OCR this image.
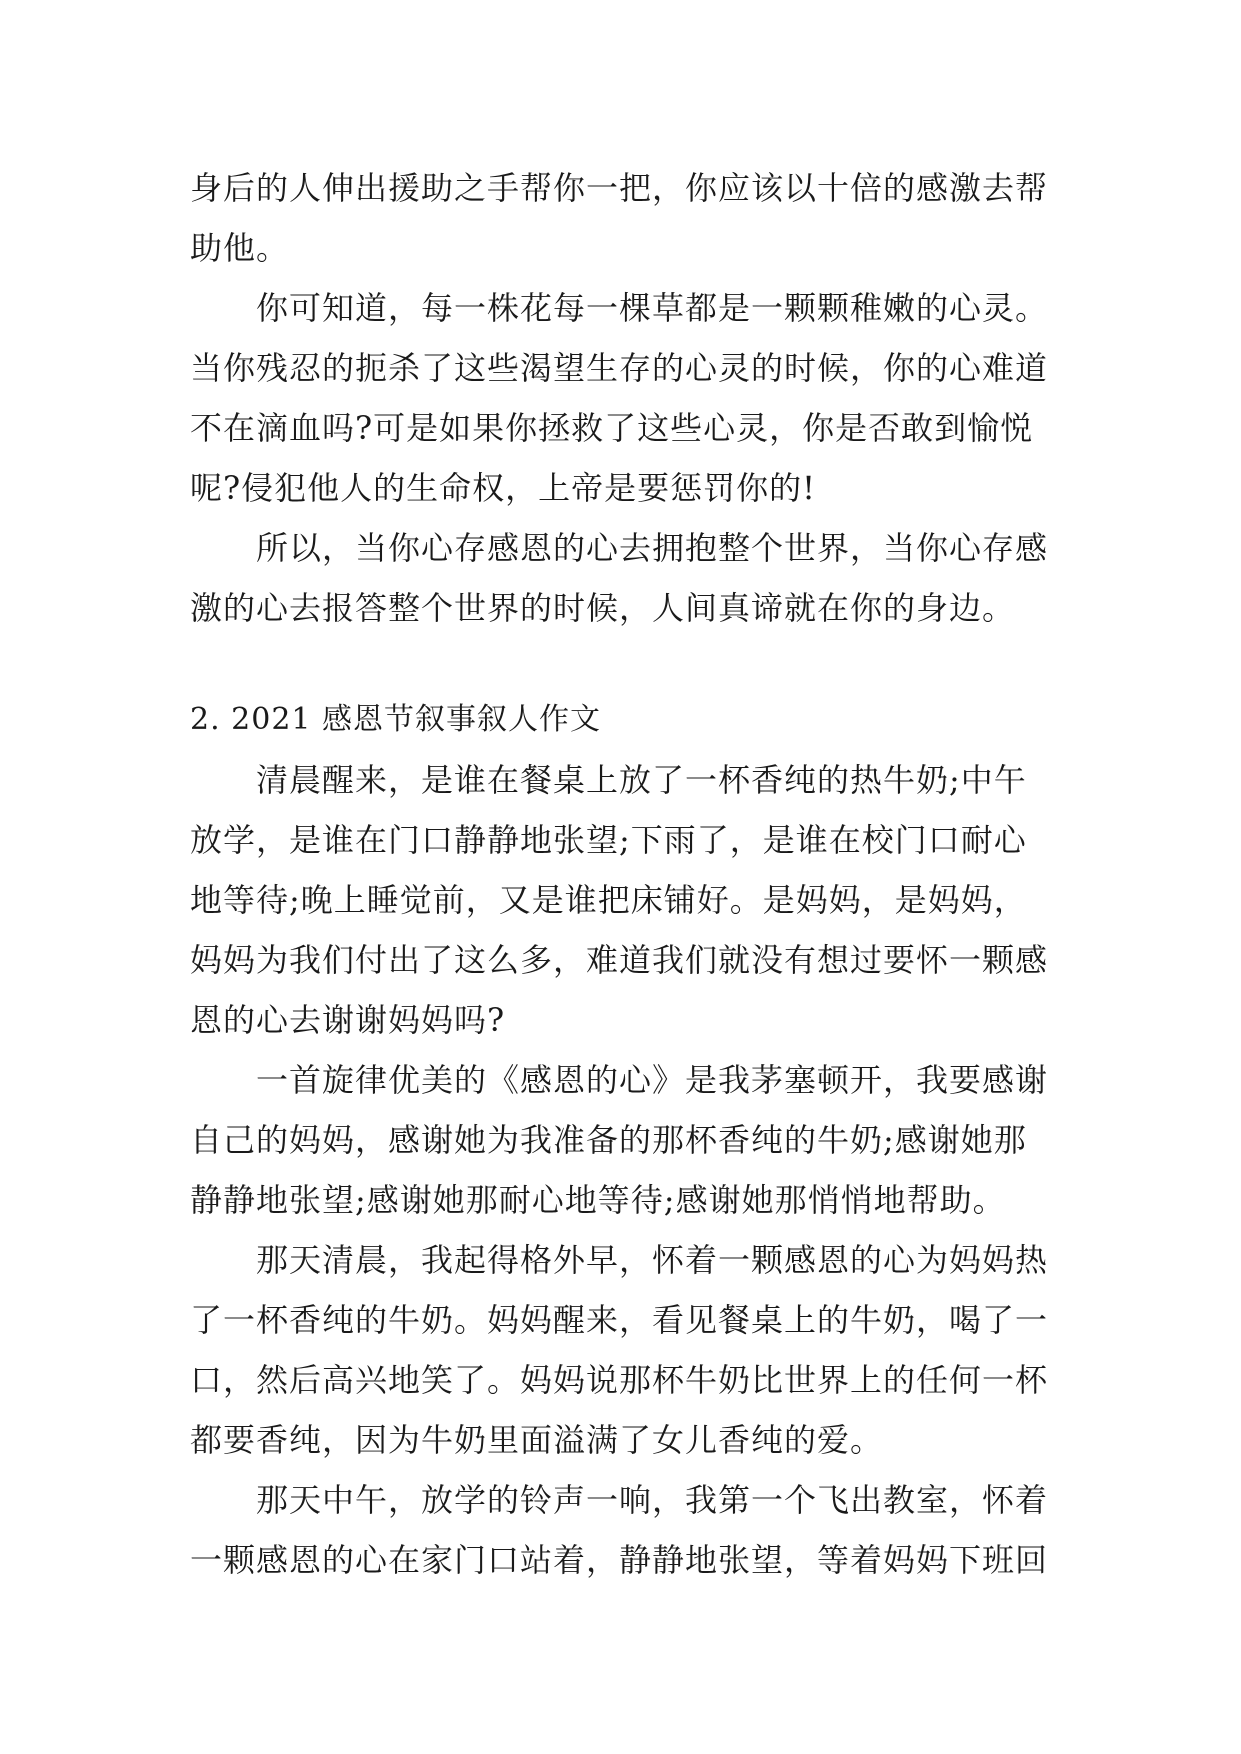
身后的人伸出援助之手帮你一把，你应该以十倍的感激去帮
助他。
你可知道，每一株花每一棵草都是一颗颗稚嫩的心灵。
当你残忍的扼杀了这些渴望生存的心灵的时候，你的心难道
不在滴血吗?可是如果你拯救了这些心灵，你是否敢到愉悦
呢?侵犯他人的生命权，上帝是要惩罚你的!
所以，当你心存感恩的心去拥抱整个世界，当你心存感
激的心去报答整个世界的时候，人间真谛就在你的身边。
2. 2021 感恩节叙事叙人作文
清晨醒来，是谁在餐桌上放了一杯香纯的热牛奶;中午
放学，是谁在门口静静地张望;下雨了，是谁在校门口耐心
地等待;晚上睡觉前，又是谁把床铺好。是妈妈，是妈妈，
妈妈为我们付出了这么多，难道我们就没有想过要怀一颗感
恩的心去谢谢妈妈吗?
一首旋律优美的《感恩的心》是我茅塞顿开，我要感谢
自己的妈妈，感谢她为我准备的那杯香纯的牛奶;感谢她那
静静地张望;感谢她那耐心地等待;感谢她那悄悄地帮助。
那天清晨，我起得格外早，怀着一颗感恩的心为妈妈热
了一杯香纯的牛奶。妈妈醒来，看见餐桌上的牛奶，喝了一
口，然后高兴地笑了。妈妈说那杯牛奶比世界上的任何一杯
都要香纯，因为牛奶里面溢满了女儿香纯的爱。
那天中午，放学的铃声一响，我第一个飞出教室，怀着
一颗感恩的心在家门口站着，静静地张望，等着妈妈下班回
